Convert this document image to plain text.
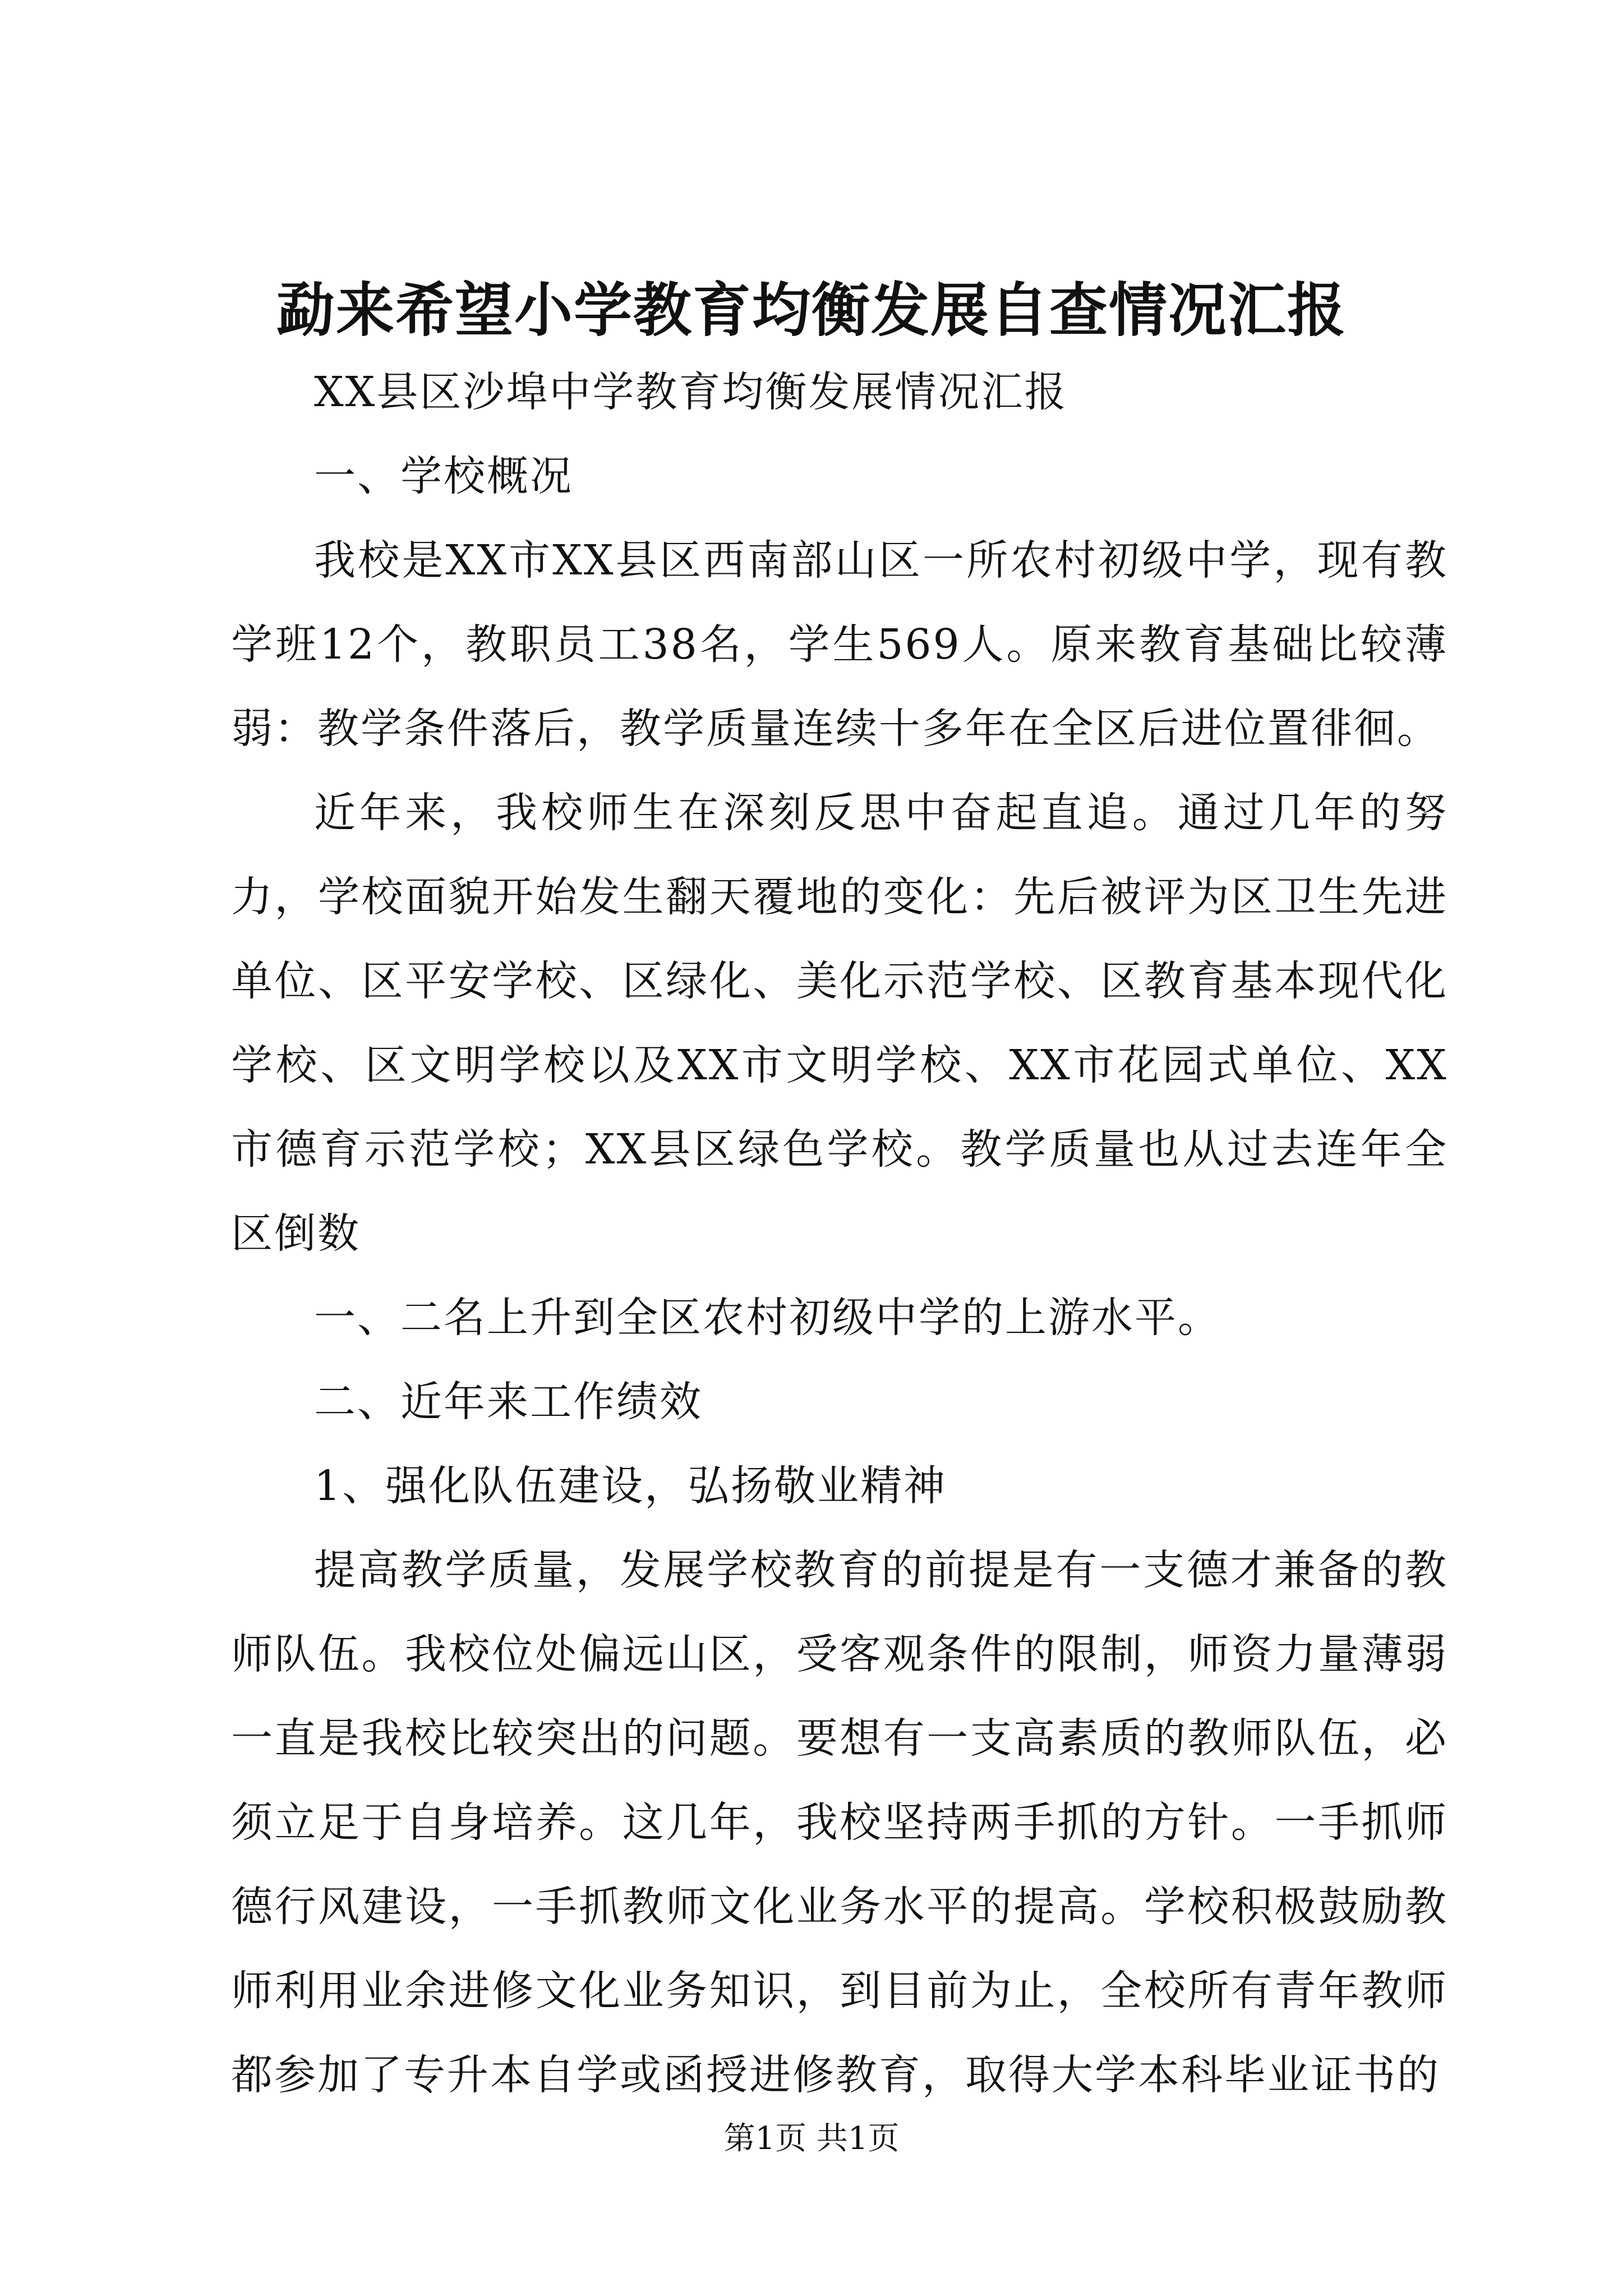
勐来希望小学教育均衡发展自查情况汇报

XX县区沙埠中学教育均衡发展情况汇报

一、学校概况

我校是XX市XX县区西南部山区一所农村初级中学，现有教学班12个，教职员工38名，学生569人。原来教育基础比较薄弱：教学条件落后，教学质量连续十多年在全区后进位置徘徊。

近年来，我校师生在深刻反思中奋起直追。通过几年的努力，学校面貌开始发生翻天覆地的变化：先后被评为区卫生先进单位、区平安学校、区绿化、美化示范学校、区教育基本现代化学校、区文明学校以及XX市文明学校、XX市花园式单位、XX市德育示范学校；XX县区绿色学校。教学质量也从过去连年全区倒数

一、二名上升到全区农村初级中学的上游水平。

二、近年来工作绩效

1、强化队伍建设，弘扬敬业精神

提高教学质量，发展学校教育的前提是有一支德才兼备的教师队伍。我校位处偏远山区，受客观条件的限制，师资力量薄弱一直是我校比较突出的问题。要想有一支高素质的教师队伍，必须立足于自身培养。这几年，我校坚持两手抓的方针。一手抓师德行风建设，一手抓教师文化业务水平的提高。学校积极鼓励教师利用业余进修文化业务知识，到目前为止，全校所有青年教师都参加了专升本自学或函授进修教育，取得大学本科毕业证书的

第1页 共1页
